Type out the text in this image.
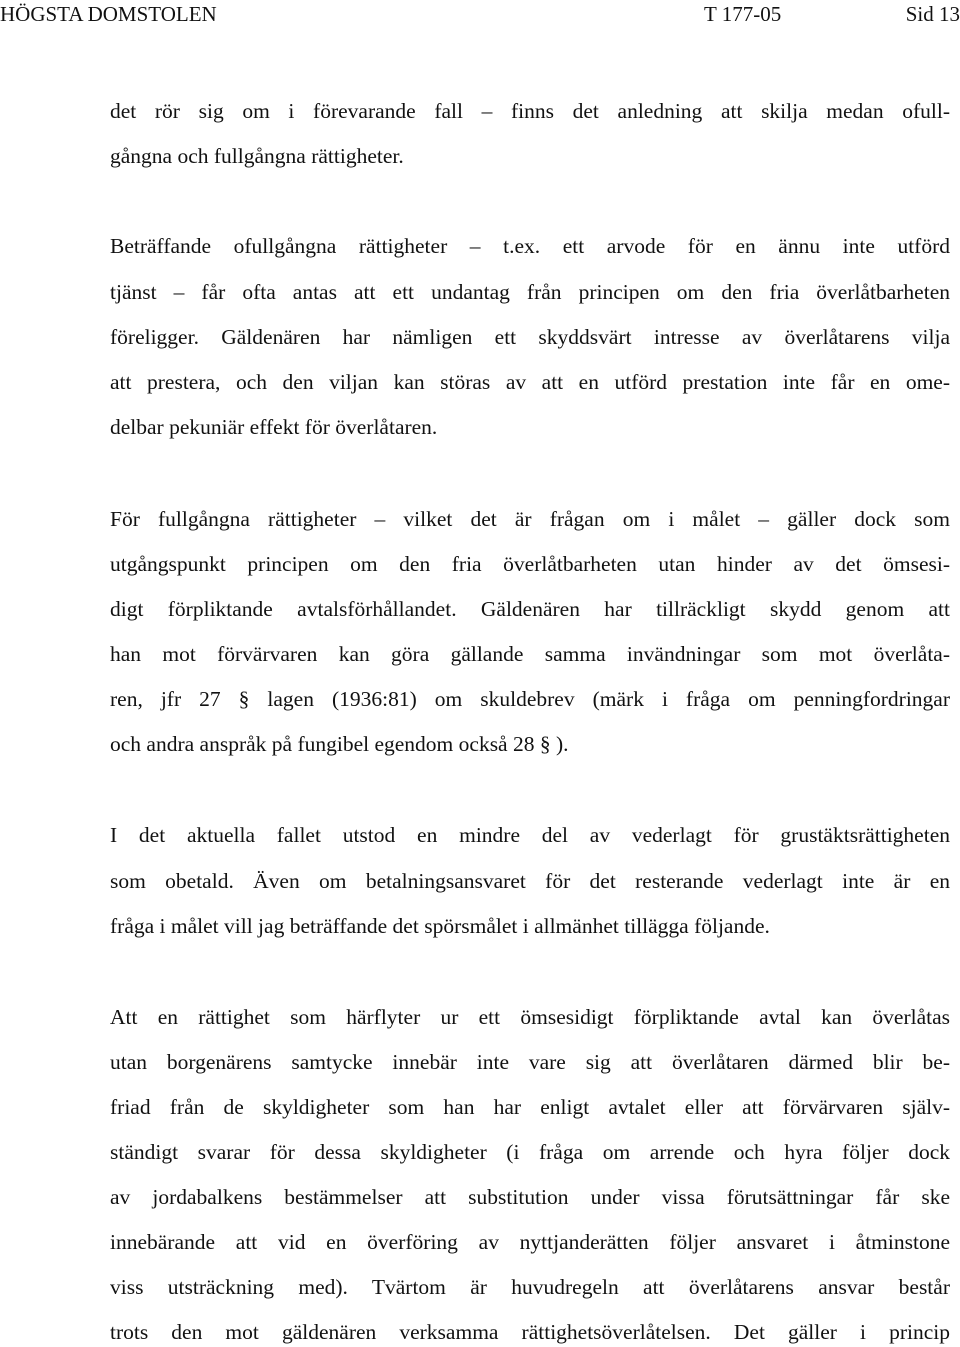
HÖGSTA DOMSTOLEN	T 177-05	Sid 13
det rör sig om i förevarande fall – finns det anledning att skilja medan ofull-
gångna och fullgångna rättigheter.
Beträffande ofullgångna rättigheter – t.ex. ett arvode för en ännu inte utförd
tjänst – får ofta antas att ett undantag från principen om den fria överlåtbarheten
föreligger. Gäldenären har nämligen ett skyddsvärt intresse av överlåtarens vilja
att prestera, och den viljan kan störas av att en utförd prestation inte får en ome-
delbar pekuniär effekt för överlåtaren.
För fullgångna rättigheter – vilket det är frågan om i målet – gäller dock som
utgångspunkt principen om den fria överlåtbarheten utan hinder av det ömsesi-
digt förpliktande avtalsförhållandet. Gäldenären har tillräckligt skydd genom att
han mot förvärvaren kan göra gällande samma invändningar som mot överlåta-
ren, jfr 27 § lagen (1936:81) om skuldebrev (märk i fråga om penningfordringar
och andra anspråk på fungibel egendom också 28 § ).
I det aktuella fallet utstod en mindre del av vederlagt för grustäktsrättigheten
som obetald. Även om betalningsansvaret för det resterande vederlagt inte är en
fråga i målet vill jag beträffande det spörsmålet i allmänhet tillägga följande.
Att en rättighet som härflyter ur ett ömsesidigt förpliktande avtal kan överlåtas
utan borgenärens samtycke innebär inte vare sig att överlåtaren därmed blir be-
friad från de skyldigheter som han har enligt avtalet eller att förvärvaren själv-
ständigt svarar för dessa skyldigheter (i fråga om arrende och hyra följer dock
av jordabalkens bestämmelser att substitution under vissa förutsättningar får ske
innebärande att vid en överföring av nyttjanderätten följer ansvaret i åtminstone
viss utsträckning med). Tvärtom är huvudregeln att överlåtarens ansvar består
trots den mot gäldenären verksamma rättighetsöverlåtelsen. Det gäller i princip
